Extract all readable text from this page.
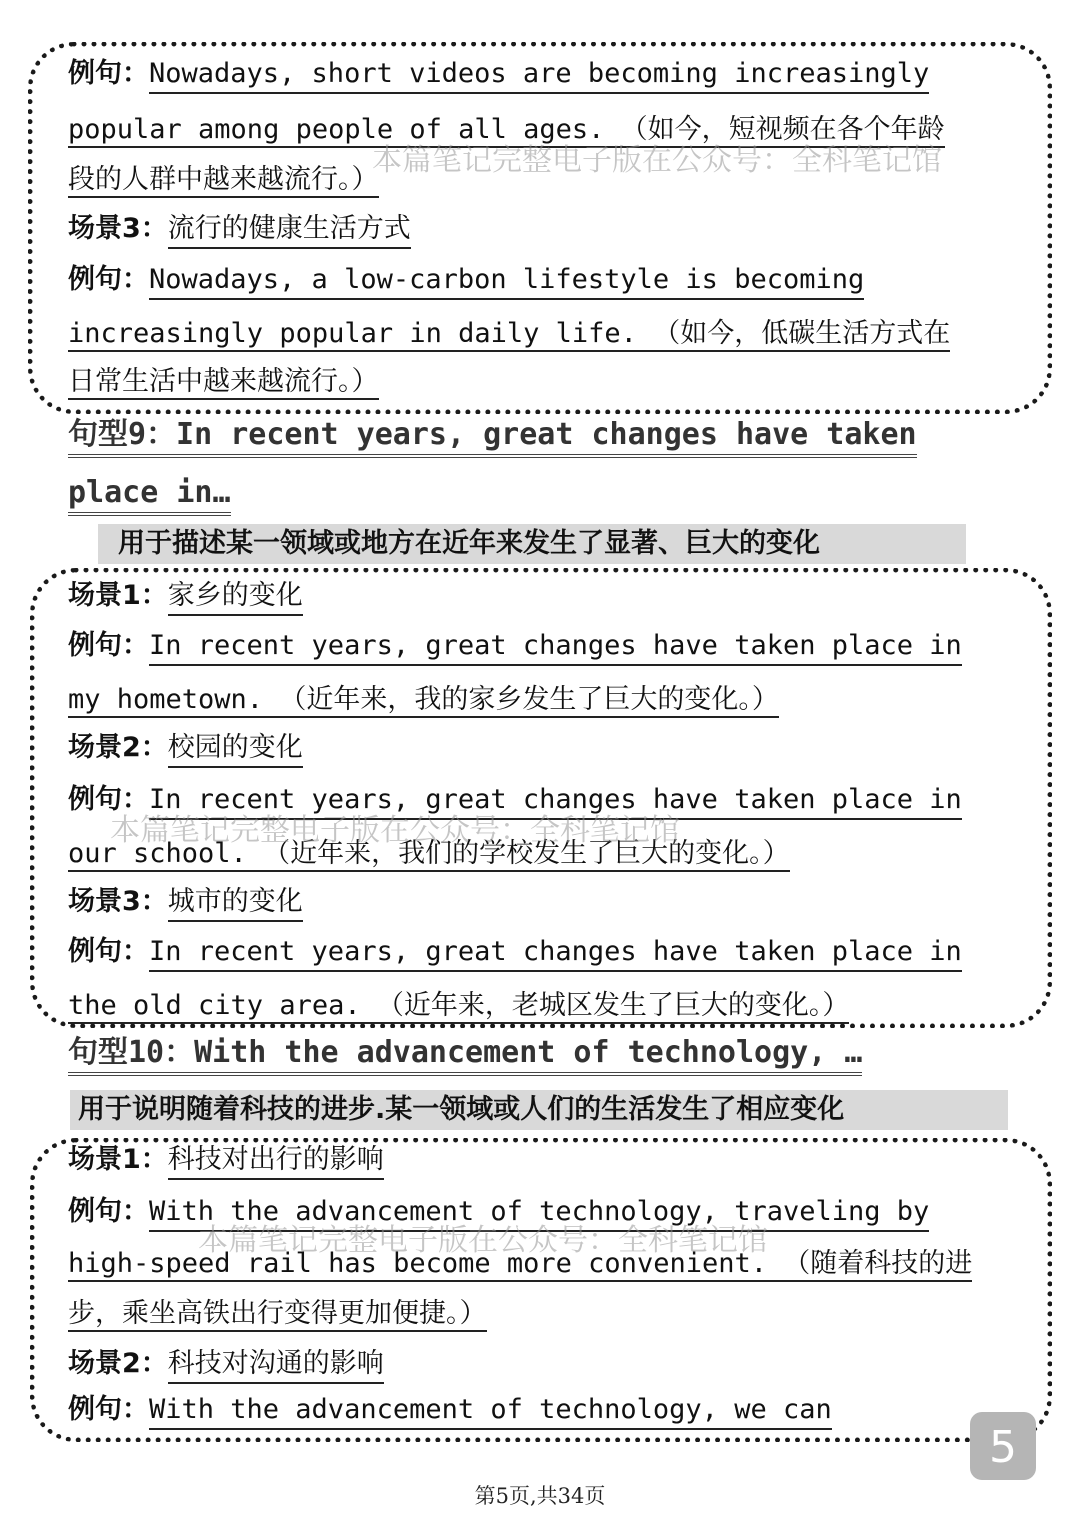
例句：Nowadays, short videos are becoming increasingly
popular among people of all ages. （如今，短视频在各个年龄
段的人群中越来越流行。）
场景3：流行的健康生活方式
例句：Nowadays, a low-carbon lifestyle is becoming
increasingly popular in daily life. （如今，低碳生活方式在
日常生活中越来越流行。）
句型9：In recent years, great changes have taken
place in…
用于描述某一领域或地方在近年来发生了显著、巨大的变化
场景1：家乡的变化
例句：In recent years, great changes have taken place in
my hometown. （近年来，我的家乡发生了巨大的变化。）
场景2：校园的变化
例句：In recent years, great changes have taken place in
our school. （近年来，我们的学校发生了巨大的变化。）
场景3：城市的变化
例句：In recent years, great changes have taken place in
the old city area. （近年来，老城区发生了巨大的变化。）
句型10：With the advancement of technology, …
用于说明随着科技的进步.某一领域或人们的生活发生了相应变化
场景1：科技对出行的影响
例句：With the advancement of technology, traveling by
high-speed rail has become more convenient. （随着科技的进
步，乘坐高铁出行变得更加便捷。）
场景2：科技对沟通的影响
例句：With the advancement of technology, we can
本篇笔记完整电子版在公众号：全科笔记馆
本篇笔记完整电子版在公众号：全科笔记馆
本篇笔记完整电子版在公众号：全科笔记馆
5
第5页,共34页
